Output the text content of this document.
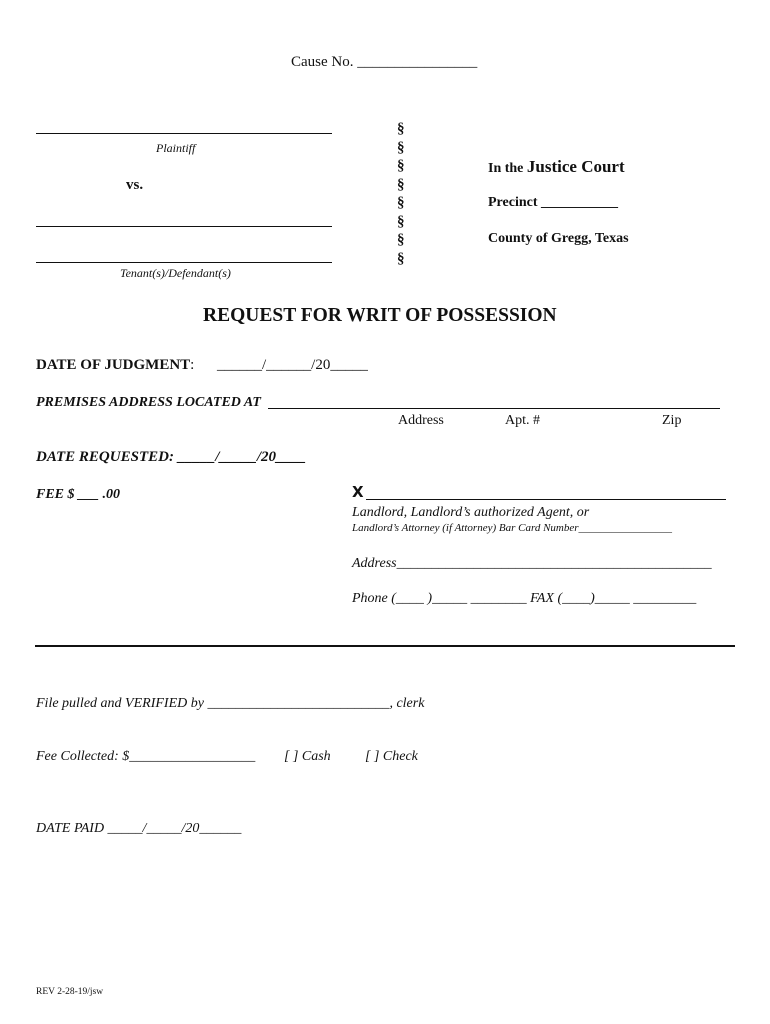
Cause No. ________________
Plaintiff
vs.
Tenant(s)/Defendant(s)
§
§
§
§
§
§
§
§
In the Justice Court
Precinct ___________
County of Gregg, Texas
REQUEST FOR WRIT OF POSSESSION
DATE OF JUDGMENT: ______/______/20_____
PREMISES ADDRESS LOCATED AT
Address	Apt. #	Zip
DATE REQUESTED: _____/_____/20____
FEE $ ___ .00	X
Landlord, Landlord’s authorized Agent, or
Landlord’s Attorney (if Attorney) Bar Card Number_________________
Address_____________________________________________
Phone (____ )_____ ________ FAX (____)_____ _________
File pulled and VERIFIED by __________________________, clerk
Fee Collected: $__________________ [ ] Cash [ ] Check
DATE PAID _____/_____/20______
REV 2-28-19/jsw
